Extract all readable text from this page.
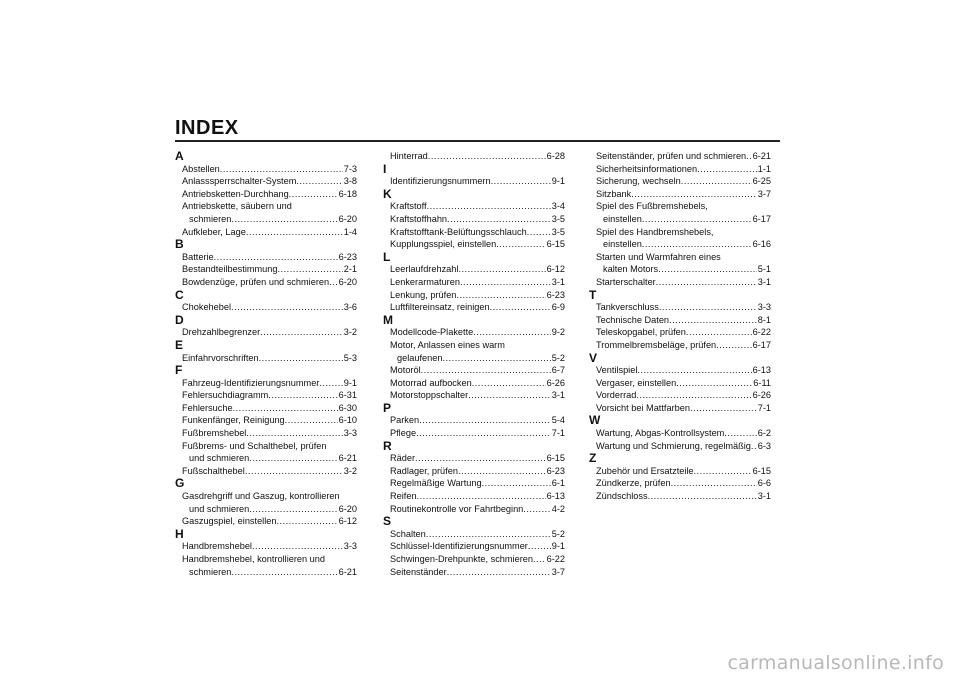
INDEX
A
Abstellen .....	7-3
Anlasssperrschalter-System .....	3-8
Antriebsketten-Durchhang .....	6-18
Antriebskette, säubern und
schmieren .....	6-20
Aufkleber, Lage .....	1-4
B
Batterie .....	6-23
Bestandteilbestimmung .....	2-1
Bowdenzüge, prüfen und schmieren ..... 6-20
C
Chokehebel .....	3-6
D
Drehzahlbegrenzer .....	3-2
E
Einfahrvorschriften .....	5-3
F
Fahrzeug-Identifizierungsnummer .....	9-1
Fehlersuchdiagramm .....	6-31
Fehlersuche .....	6-30
Funkenfänger, Reinigung .....	6-10
Fußbremshebel .....	3-3
Fußbrems- und Schalthebel, prüfen
und schmieren .....	6-21
Fußschalthebel .....	3-2
G
Gasdrehgriff und Gaszug, kontrollieren
und schmieren .....	6-20
Gaszugspiel, einstellen .....	6-12
H
Handbremshebel .....	3-3
Handbremshebel, kontrollieren und
schmieren .....	6-21
Hinterrad .....	6-28
I
Identifizierungsnummern .....	9-1
K
Kraftstoff .....	3-4
Kraftstoffhahn .....	3-5
Kraftstofftank-Belüftungsschlauch .....	3-5
Kupplungsspiel, einstellen .....	6-15
L
Leerlaufdrehzahl .....	6-12
Lenkerarmaturen .....	3-1
Lenkung, prüfen .....	6-23
Luftfiltereinsatz, reinigen .....	6-9
M
Modellcode-Plakette .....	9-2
Motor, Anlassen eines warm
gelaufenen .....	5-2
Motoröl .....	6-7
Motorrad aufbocken .....	6-26
Motorstoppschalter .....	3-1
P
Parken .....	5-4
Pflege .....	7-1
R
Räder .....	6-15
Radlager, prüfen .....	6-23
Regelmäßige Wartung .....	6-1
Reifen .....	6-13
Routinekontrolle vor Fahrtbeginn .....	4-2
S
Schalten .....	5-2
Schlüssel-Identifizierungsnummer .....	9-1
Schwingen-Drehpunkte, schmieren ..... 6-22
Seitenständer .....	3-7
Seitenständer, prüfen und schmieren ..... 6-21
Sicherheitsinformationen .....	1-1
Sicherung, wechseln .....	6-25
Sitzbank .....	3-7
Spiel des Fußbremshebels,
einstellen .....	6-17
Spiel des Handbremshebels,
einstellen .....	6-16
Starten und Warmfahren eines
kalten Motors .....	5-1
Starterschalter .....	3-1
T
Tankverschluss .....	3-3
Technische Daten .....	8-1
Teleskopgabel, prüfen .....	6-22
Trommelbremsbeläge, prüfen .....	6-17
V
Ventilspiel .....	6-13
Vergaser, einstellen .....	6-11
Vorderrad .....	6-26
Vorsicht bei Mattfarben .....	7-1
W
Wartung, Abgas-Kontrollsystem .....	6-2
Wartung und Schmierung, regelmäßig ..... 6-3
Z
Zubehör und Ersatzteile .....	6-15
Zündkerze, prüfen .....	6-6
Zündschloss .....	3-1
carmanualsonline.info
